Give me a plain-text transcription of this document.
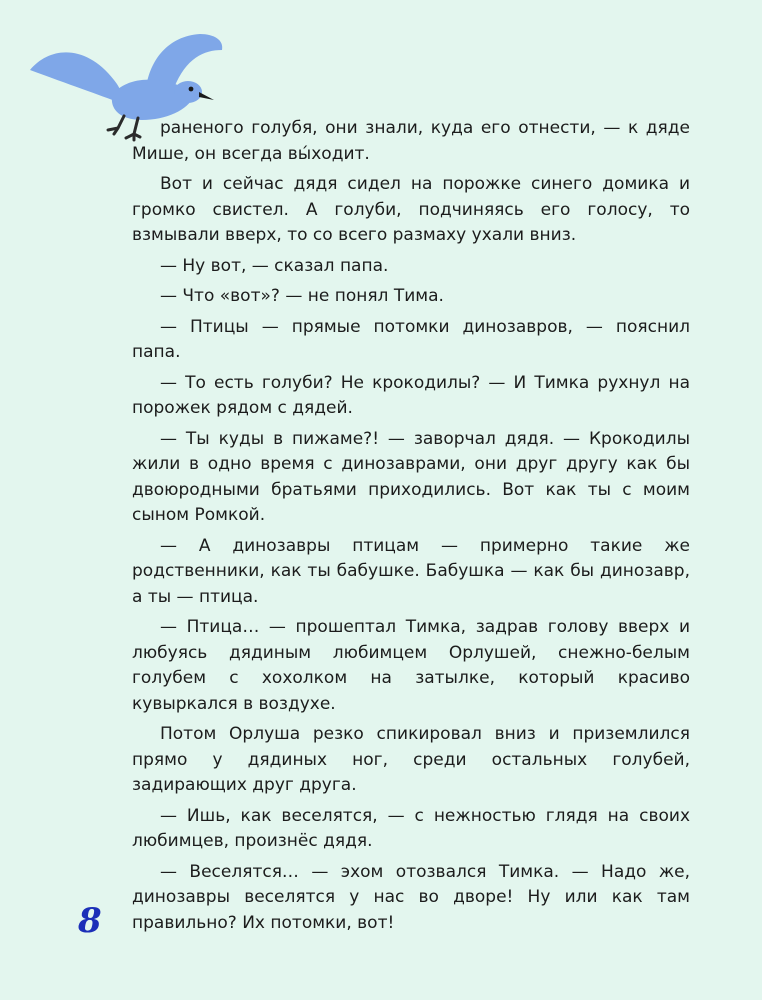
раненого голубя, они знали, куда его отнести, — к дяде Мише, он всегда вы́ходит.

Вот и сейчас дядя сидел на порожке синего домика и громко свистел. А голуби, подчиняясь его голосу, то взмывали вверх, то со всего размаху ухали вниз.

— Ну вот, — сказал папа.

— Что «вот»? — не понял Тима.

— Птицы — прямые потомки динозавров, — пояснил папа.

— То есть голуби? Не крокодилы? — И Тимка рухнул на порожек рядом с дядей.

— Ты куды в пижаме?! — заворчал дядя. — Крокодилы жили в одно время с динозаврами, они друг другу как бы двоюродными братьями приходились. Вот как ты с моим сыном Ромкой.

— А динозавры птицам — примерно такие же родственники, как ты бабушке. Бабушка — как бы динозавр, а ты — птица.

— Птица… — прошептал Тимка, задрав голову вверх и любуясь дядиным любимцем Орлушей, снежно-белым голубем с хохолком на затылке, который красиво кувыркался в воздухе.

Потом Орлуша резко спикировал вниз и приземлился прямо у дядиных ног, среди остальных голубей, задирающих друг друга.

— Ишь, как веселятся, — с нежностью глядя на своих любимцев, произнёс дядя.

— Веселятся… — эхом отозвался Тимка. — Надо же, динозавры веселятся у нас во дворе! Ну или как там правильно? Их потомки, вот!

8
